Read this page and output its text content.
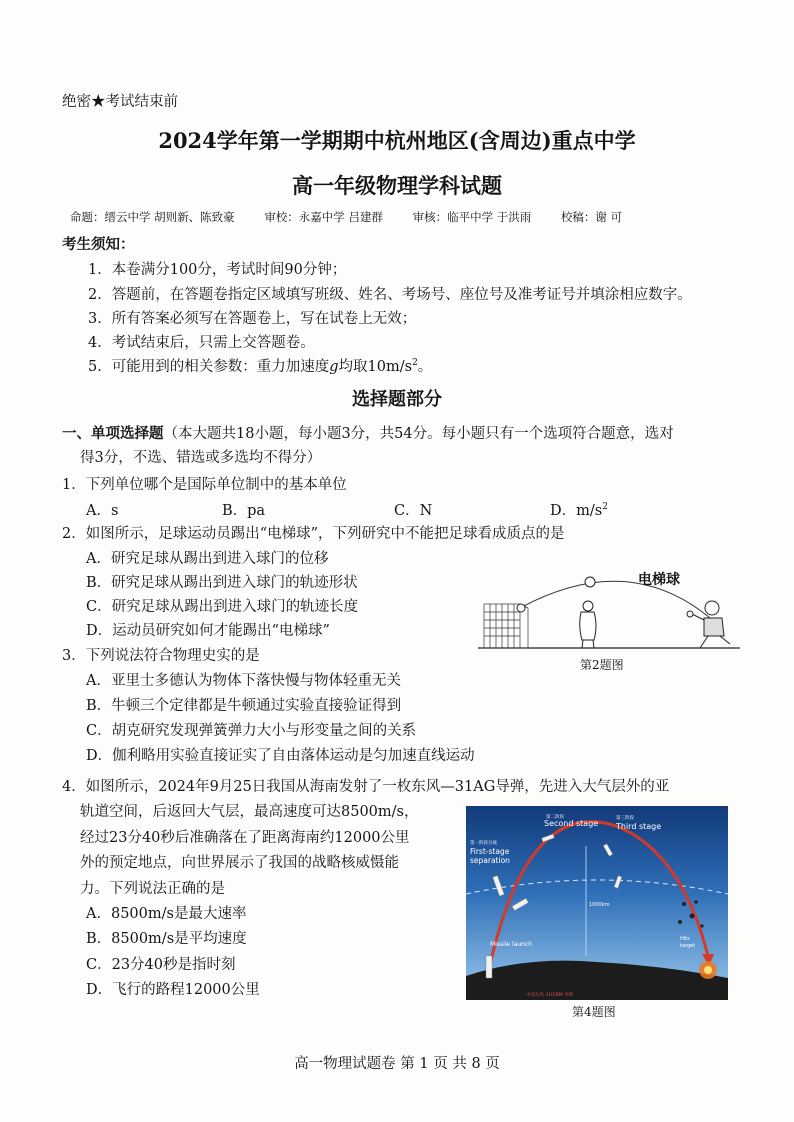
绝密★考试结束前
2024学年第一学期期中杭州地区(含周边)重点中学
高一年级物理学科试题
命题：缙云中学 胡则新、陈致豪	审校：永嘉中学 吕建群	审核：临平中学 于洪雨	校稿：谢 可
考生须知：
1．本卷满分100分，考试时间90分钟；
2．答题前，在答题卷指定区域填写班级、姓名、考场号、座位号及准考证号并填涂相应数字。
3．所有答案必须写在答题卷上，写在试卷上无效；
4．考试结束后，只需上交答题卷。
5．可能用到的相关参数：重力加速度g均取$10m/s^2$。
选择题部分
一、单项选择题（本大题共18小题，每小题3分，共54分。每小题只有一个选项符合题意，选对
得3分，不选、错选或多选均不得分）
1．下列单位哪个是国际单位制中的基本单位
A．s	B．pa	C．N	D．$m/s^2$
2．如图所示，足球运动员踢出“电梯球”，下列研究中不能把足球看成质点的是
A．研究足球从踢出到进入球门的位移
B．研究足球从踢出到进入球门的轨迹形状
C．研究足球从踢出到进入球门的轨迹长度
D．运动员研究如何才能踢出“电梯球”
电梯球
第2题图
3．下列说法符合物理史实的是
A．亚里士多德认为物体下落快慢与物体轻重无关
B．牛顿三个定律都是牛顿通过实验直接验证得到
C．胡克研究发现弹簧弹力大小与形变量之间的关系
D．伽利略用实验直接证实了自由落体运动是匀加速直线运动
4．如图所示，2024年9月25日我国从海南发射了一枚东风—31AG导弹，先进入大气层外的亚
轨道空间，后返回大气层，最高速度可达8500m/s，
经过23分40秒后准确落在了距离海南约12000公里
外的预定地点，向世界展示了我国的战略核威慑能
力。下列说法正确的是
A．8500m/s是最大速率
B．8500m/s是平均速度
C．23分40秒是指时刻
D．飞行的路程12000公里
1000km
第二阶段
Second stage
第三阶段
Third stage
第一阶段分离
First-stage
separation
Missile launch
Hits
target
中国东风 31ICBM 导弹
第4题图
高一物理试题卷 第 1 页 共 8 页
